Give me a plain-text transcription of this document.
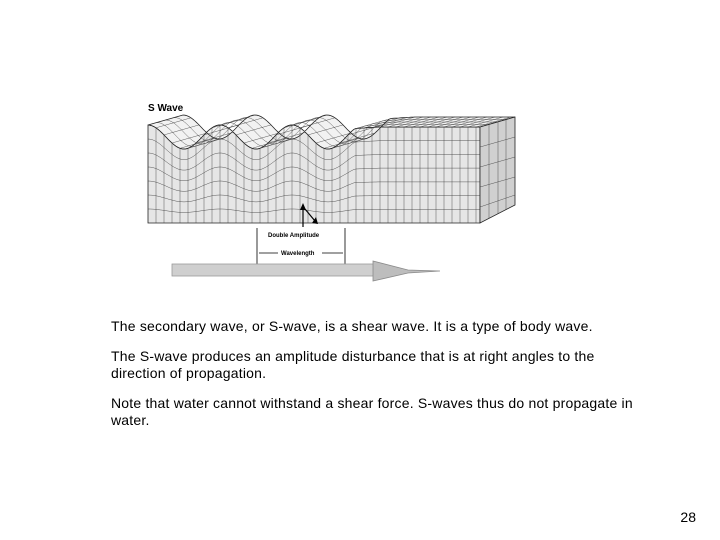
S Wave
Double Amplitude
Wavelength

The secondary wave, or S-wave, is a shear wave. It is a type of body wave.

The S-wave produces an amplitude disturbance that is at right angles to the direction of propagation.

Note that water cannot withstand a shear force. S-waves thus do not propagate in water.

28
